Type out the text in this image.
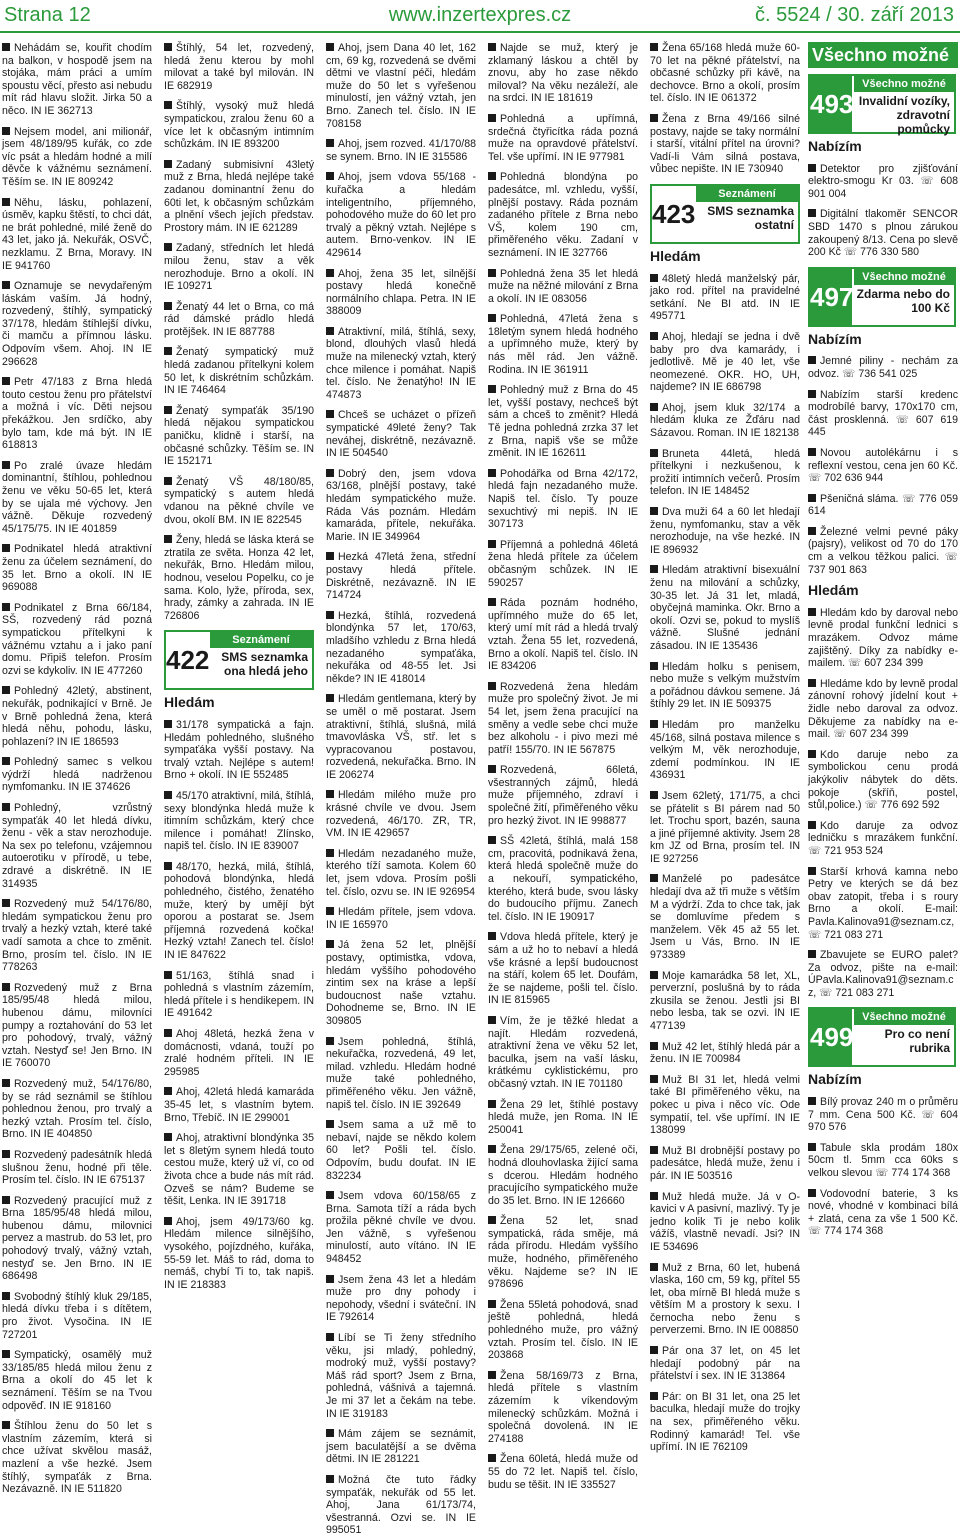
Strana 12	www.inzertexpres.cz	č. 5524 / 30. září 2013

Nehádám se, kouřit chodím na balkon, v hospodě jsem na stojáka, mám práci a umím spoustu věcí, přesto asi nebudu mít rád hlavu složit. Jirka 50 a něco. IN IE 362713

Nejsem model, ani milionář, jsem 48/189/95 kuřák, co zde víc psát a hledám hodné a milí děvče k vážnému seznámení. Těším se. IN IE 809242

Něhu, lásku, pohlazení, úsměv, kapku štěstí, to chci dát, ne brát pohledné, milé ženě do 43 let, jako já. Nekuřák, OSVČ, nezklamu. Z Brna, Moravy. IN IE 941760

Oznamuje se nevydařeným láskám vaším. Já hodný, rozvedený, štíhlý, sympatický 37/178, hledám štíhlejší dívku, či mamču a přímnou lásku. Odpovím všem. Ahoj. IN IE 296628

Petr 47/183 z Brna hledá touto cestou ženu pro přátelství a možná i víc. Děti nejsou překážkou. Jen srdíčko, aby bylo tam, kde má být. IN IE 618813

Po zralé úvaze hledám dominantní, štíhlou, pohlednou ženu ve věku 50-65 let, která by se ujala mé výchovy. Jen vážně. Děkuje rozvedený 45/175/75. IN IE 401859

Podnikatel hledá atraktivní ženu za účelem seznámení, do 35 let. Brno a okolí. IN IE 969088

Podnikatel z Brna 66/184, SŠ, rozvedený rád pozná sympatickou přítelkyni k vážnému vztahu a i jako paní domu. Připiš telefon. Prosím ozvi se kdykoliv. IN IE 477260

Pohledný 42letý, abstinent, nekuřák, podnikající v Brně. Je v Brně pohledná žena, která hledá něhu, pohodu, lásku, pohlazení? IN IE 186593

Pohledný samec s velkou výdrží hledá nadrženou nymfomanku. IN IE 374626

Pohledný, vzrůstný sympaťák 40 let hledá dívku, ženu - věk a stav nerozhoduje. Na sex po telefonu, vzájemnou autoerotiku v přírodě, u tebe, zdravé a diskrétně. IN IE 314935

Rozvedený muž 54/176/80, hledám sympatickou ženu pro trvalý a hezký vztah, které také vadí samota a chce to změnit. Brno, prosím tel. číslo. IN IE 778263

Rozvedený muž z Brna 185/95/48 hledá milou, hubenou dámu, milovníci pumpy a roztahování do 53 let pro pohodový, trvalý, vážný vztah. Nestyď se! Jen Brno. IN IE 760070

Rozvedený muž, 54/176/80, by se rád seznámil se štíhlou pohlednou ženou, pro trvalý a hezký vztah. Prosím tel. číslo, Brno. IN IE 404850

Rozvedený padesátník hledá slušnou ženu, hodné při těle. Prosím tel. číslo. IN IE 675137

Rozvedený pracující muž z Brna 185/95/48 hledá milou, hubenou dámu, milovnici pervez a mastrub. do 53 let, pro pohodový trvalý, vážný vztah, nestyď se. Jen Brno. IN IE 686498

Svobodný štíhlý kluk 29/185, hledá dívku třeba i s dítětem, pro život. Vysočina. IN IE 727201

Sympatický, osamělý muž 33/185/85 hledá milou ženu z Brna a okolí do 45 let k seznámení. Těším se na Tvou odpověď. IN IE 918160

Štíhlou ženu do 50 let s vlastním zázemím, která si chce užívat skvělou masáž, mazlení a vše hezké. Jsem štíhlý, sympaťák z Brna. Nezávazně. IN IE 511820

Štíhlý, 54 let, rozvedený, hledá ženu kterou by mohl milovat a také byl milován. IN IE 682919

Štíhlý, vysoký muž hledá sympatickou, zralou ženu 60 a více let k občasným intimním schůzkám. IN IE 893200

Zadaný submisivní 43letý muž z Brna, hledá nejlépe také zadanou dominantní ženu do 60ti let, k občasným schůzkám a plnění všech jejích představ. Prostory mám. IN IE 621289

Zadaný, středních let hledá milou ženu, stav a věk nerozhoduje. Brno a okolí. IN IE 109271

Ženatý 44 let o Brna, co má rád dámské prádlo hledá protějšek. IN IE 887788

Ženatý sympatický muž hledá zadanou přítelkyni kolem 50 let, k diskrétním schůzkám. IN IE 746464

Ženatý sympaťák 35/190 hledá nějakou sympatickou paničku, klidně i starší, na občasné schůzky. Těším se. IN IE 152171

Ženatý VŠ 48/180/85, sympatický s autem hledá vdanou na pěkné chvíle ve dvou, okolí BM. IN IE 822545

Ženy, hledá se láska která se ztratila ze světa. Honza 42 let, nekuřák, Brno. Hledám milou, hodnou, veselou Popelku, co je sama. Kolo, lyže, příroda, sex, hrady, zámky a zahrada. IN IE 726806

422
Seznámení
SMS seznamka ona hledá jeho
Hledám

31/178 sympatická a fajn. Hledám pohledného, slušného sympaťáka vyšší postavy. Na trvalý vztah. Nejlépe s autem! Brno + okolí. IN IE 552485

45/170 atraktivní, milá, štíhlá, sexy blondýnka hledá muže k itimním schůzkám, který chce milence i pomáhat! Zlínsko, napiš tel. číslo. IN IE 839007

48/170, hezká, milá, štíhlá, pohodová blondýnka, hledá pohledného, čistého, ženatého muže, který by umějí být oporou a postarat se. Jsem příjemná rozvedená kočka! Hezký vztah! Zanech tel. číslo! IN IE 847622

51/163, štíhlá snad i pohledná s vlastním zázemím, hledá přítele i s hendikepem. IN IE 491642

Ahoj 48letá, hezká žena v domácnosti, vdaná, touží po zralé hodném příteli. IN IE 295985

Ahoj, 42letá hledá kamaráda 35-45 let, s vlastním bytem. Brno, Třebíč. IN IE 299001

Ahoj, atraktivní blondýnka 35 let s 8letým synem hledá touto cestou muže, který už ví, co od života chce a bude nás mít rád. Ozveš se nám? Budeme se těšit, Lenka. IN IE 391718

Ahoj, jsem 49/173/60 kg. Hledám milence silnějšího, vysokého, pojízdného, kuřáka, 55-59 let. Máš to rád, doma to nemáš, chybí Ti to, tak napiš. IN IE 218383

Ahoj, jsem Dana 40 let, 162 cm, 69 kg, rozvedená se dvěmi dětmi ve vlastní péči, hledám muže do 50 let s vyřešenou minulostí, jen vážný vztah, jen Brno. Zanech tel. číslo. IN IE 708158

Ahoj, jsem rozved. 41/170/88 se synem. Brno. IN IE 315586

Ahoj, jsem vdova 55/168 - kuřačka a hledám inteligentního, příjemného, pohodového muže do 60 let pro trvalý a pěkný vztah. Nejlépe s autem. Brno-venkov. IN IE 429614

Ahoj, žena 35 let, silnější postavy hledá konečně normálního chlapa. Petra. IN IE 388009

Atraktivní, milá, štíhlá, sexy, blond, dlouhých vlasů hledá muže na milenecký vztah, který chce milence i pomáhat. Napiš tel. číslo. Ne ženatýho! IN IE 474873

Chceš se ucházet o přízeň sympatické 49leté ženy? Tak neváhej, diskrétně, nezávazně. IN IE 504540

Dobrý den, jsem vdova 63/168, plnější postavy, také hledám sympatického muže. Ráda Vás poznám. Hledám kamaráda, přítele, nekuřáka. Marie. IN IE 349964

Hezká 47letá žena, střední postavy hledá přítele. Diskrétně, nezávazně. IN IE 714724

Hezká, štíhlá, rozvedená blondýnka 57 let, 170/63, mladšího vzhledu z Brna hledá nezadaného sympaťáka, nekuřáka od 48-55 let. Jsi někde? IN IE 418014

Hledám gentlemana, který by se uměl o mě postarat. Jsem atraktivní, štíhlá, slušná, milá tmavovláska VŠ, stř. let s vypracovanou postavou, rozvedená, nekuřačka. Brno. IN IE 206274

Hledám milého muže pro krásné chvíle ve dvou. Jsem rozvedená, 46/170. ZR, TR, VM. IN IE 429657

Hledám nezadaného muže, kterého tíží samota. Kolem 60 let, jsem vdova. Prosím pošli tel. číslo, ozvu se. IN IE 926954

Hledám přítele, jsem vdova. IN IE 165970

Já žena 52 let, plnější postavy, optimistka, vdova, hledám vyššího pohodového zintim sex na kráse a lepší budoucnost naše vztahu. Dohodneme se, Brno. IN IE 309805

Jsem pohledná, štíhlá, nekuřačka, rozvedená, 49 let, milad. vzhledu. Hledám hodné muže také pohledného, přiměřeného věku. Jen vážně, napiš tel. číslo. IN IE 392649

Jsem sama a už mě to nebaví, najde se někdo kolem 60 let? Pošli tel. číslo. Odpovím, budu doufat. IN IE 832234

Jsem vdova 60/158/65 z Brna. Samota tíží a ráda bych prožila pěkné chvíle ve dvou. Jen vážně, s vyřešenou minulostí, auto vítáno. IN IE 948452

Jsem žena 43 let a hledám muže pro dny pohody i nepohody, všední i sváteční. IN IE 792614

Líbí se Ti ženy středního věku, jsi mladý, pohledný, modroký muž, vyšší postavy? Máš rád sport? Jsem z Brna, pohledná, vášnivá a tajemná. Je mi 37 let a čekám na tebe. IN IE 319183

Mám zájem se seznámit, jsem baculatější a se dvěma dětmi. IN IE 281221

Možná čte tuto řádky sympaťák, nekuřák od 55 let. Ahoj, Jana 61/173/74, všestranná. Ozvi se. IN IE 995051

Najde se muž, který je zklamaný láskou a chtěl by znovu, aby ho zase někdo miloval? Na věku nezáleží, ale na srdci. IN IE 181619

Pohledná a upřímná, srdečná čtyřicítka ráda pozná muže na opravdové přátelství. Tel. vše upřímí. IN IE 977981

Pohledná blondýna po padesátce, ml. vzhledu, vyšší, plnější postavy. Ráda poznám zadaného přítele z Brna nebo VŠ, kolem 190 cm, přiměřeného věku. Zadaní v seznámení. IN IE 327766

Pohledná žena 35 let hledá muže na něžné milování z Brna a okolí. IN IE 083056

Pohledná, 47letá žena s 18letým synem hledá hodného a upřímného muže, který by nás měl rád. Jen vážně. Rodina. IN IE 361911

Pohledný muž z Brna do 45 let, vyšší postavy, nechceš být sám a chceš to změnit? Hledá Tě jedna pohledná zrzka 37 let z Brna, napiš vše se může změnit. IN IE 162611

Pohodářka od Brna 42/172, hledá fajn nezadaného muže. Napiš tel. číslo. Ty pouze sexuchtivý mi nepiš. IN IE 307173

Příjemná a pohledná 46letá žena hledá přítele za účelem občasným schůzek. IN IE 590257

Ráda poznám hodného, upřímného muže do 65 let, který umí mít rád a hledá trvalý vztah. Žena 55 let, rozvedená, Brno a okolí. Napiš tel. číslo. IN IE 834206

Rozvedená žena hledám muže pro společný život. Je mi 54 let, jsem žena pracující na směny a vedle sebe chci muže bez alkoholu - i pivo mezi mé patří! 155/70. IN IE 567875

Rozvedená, 66letá, všestranných zájmů, hledá muže příjemného, zdraví i společné žití, přiměřeného věku pro hezký život. IN IE 998877

SŠ 42letá, štíhlá, malá 158 cm, pracovitá, podnikavá žena, která hledá společně muže do a nekouří, sympatického, kterého, která bude, svou lásky do budoucího příjmu. Zanech tel. číslo. IN IE 190917

Vdova hledá přítele, který je sám a už ho to nebaví a hledá vše krásné a lepší budoucnost na stáří, kolem 65 let. Doufám, že se najdeme, pošli tel. číslo. IN IE 815965

Vím, že je těžké hledat a najít. Hledám rozvedená, atraktivní žena ve věku 52 let, baculka, jsem na vaší lásku, krátkému cyklistickému, pro občasný vztah. IN IE 701180

Žena 29 let, štíhlé postavy hledá muže, jen Roma. IN IE 250041

Žena 29/175/65, zelené oči, hodná dlouhovlaska žijící sama s dcerou. Hledám hodného pracujícího sympatického muže do 35 let. Brno. IN IE 126660

Žena 52 let, snad sympatická, ráda směje, má ráda přírodu. Hledám vyššího muže, hodného, přiměřeného věku. Najdeme se? IN IE 978696

Žena 55letá pohodová, snad ještě pohledná, hledá pohledného muže, pro vážný vztah. Prosím tel. číslo. IN IE 203868

Žena 58/169/73 z Brna, hledá přítele s vlastním zázemím k víkendovým milenecký schůzkám. Možná i společná dovolená. IN IE 274188

Žena 60letá, hledá muže od 55 do 72 let. Napiš tel. číslo, budu se těšit. IN IE 335527

Žena 65/168 hledá muže 60-70 let na pěkné přátelství, na občasné schůzky při kávě, na dechovce. Brno a okolí, prosím tel. číslo. IN IE 061372

Žena z Brna 49/166 silné postavy, najde se taky normální i starší, vitální přítel na úrovni? Vadí-li Vám silná postava, vůbec nepište. IN IE 730940

423
Seznámení
SMS seznamka ostatní
Hledám

48letý hledá manželský pár, jako rod. přítel na pravidelné setkání. Ne BI atd. IN IE 495771

Ahoj, hledají se jedna i dvě baby pro dva kamarády, i jedlotlivě. Mě je 40 let, vše neomezené. OKR. HO, UH, najdeme? IN IE 686798

Ahoj, jsem kluk 32/174 a hledám kluka ze Žďáru nad Sázavou. Roman. IN IE 182138

Bruneta 44letá, hledá přítelkyni i nezkušenou, k prožití intimních večerů. Prosím telefon. IN IE 148452

Dva muži 64 a 60 let hledají ženu, nymfomanku, stav a věk nerozhoduje, na vše hezké. IN IE 896932

Hledám atraktivní bisexuální ženu na milování a schůzky, 30-35 let. Já 31 let, mladá, obyčejná maminka. Okr. Brno a okolí. Ozvi se, pokud to myslíš vážně. Slušné jednání zásadou. IN IE 135436

Hledám holku s penisem, nebo muže s velkým mužstvím a pořádnou dávkou semene. Já štíhly 29 let. IN IE 509375

Hledám pro manželku 45/168, silná postava milence s velkým M, věk nerozhoduje, zdemí podmínkou. IN IE 436931

Jsem 62letý, 171/75, a chci se přátelit s BI párem nad 50 let. Trochu sport, bazén, sauna a jiné příjemné aktivity. Jsem 28 km JZ od Brna, prosím tel. IN IE 927256

Manželé po padesátce hledají dva až tři muže s větším M a výdrží. Zda to chce tak, jak se domluvíme předem s manželem. Věk 45 až 55 let. Jsem u Vás, Brno. IN IE 973389

Moje kamarádka 58 let, XL, perverzní, poslušná by to ráda zkusila se ženou. Jestli jsi BI nebo lesba, tak se ozvi. IN IE 477139

Muž 42 let, štíhlý hledá pár a ženu. IN IE 700984

Muž BI 31 let, hledá velmi také BI přiměřeného věku, na pokec u piva i něco víc. Ode sympatií, tel. vše upřímí. IN IE 138099

Muž BI drobnější postavy po padesátce, hledá muže, ženu i pár. IN IE 503516

Muž hledá muže. Já v O-kavici v A pasivní, mazlivý. Ty je jedno kolik Ti je nebo kolik vážíš, vlastně nevadí. Jsi? IN IE 534696

Muž z Brna, 60 let, hubená vlaska, 160 cm, 59 kg, přítel 55 let, oba mírně BI hledá muže s větším M a prostory k sexu. I černocha nebo ženu s perverzemi. Brno. IN IE 008850

Pár ona 37 let, on 45 let hledají podobný pár na přátelství i sex. IN IE 313864

Pár: on BI 31 let, ona 25 let baculka, hledají muže do trojky na sex, přiměřeného věku. Rodinný kamarád! Tel. vše upřímí. IN IE 762109

Všechno možné
493
Všechno možné
Invalidní vozíky, zdravotní pomůcky
Nabízím

Detektor pro zjišťování elektro-smogu Kr 03. ☏ 608 901 004

Digitální tlakoměr SENCOR SBD 1470 s plnou zárukou zakoupený 8/13. Cena po slevě 200 Kč ☏ 776 330 580

497
Všechno možné
Zdarma nebo do 100 Kč
Nabízím

Jemné piliny - nechám za odvoz. ☏ 736 541 025

Nabízím starší kredenc modrobílé barvy, 170x170 cm, část prosklenná. ☏ 607 619 445

Novou autolékárnu i s reflexní vestou, cena jen 60 Kč. ☏ 702 636 944

Pšeničná sláma. ☏ 776 059 614

Železné velmi pevné páky (pajsry), velikost od 70 do 170 cm a velkou těžkou palici. ☏ 737 901 863

Hledám

Hledám kdo by daroval nebo levně prodal funkční lednici s mrazákem. Odvoz máme zajištěný. Díky za nabídky e-mailem. ☏ 607 234 399

Hledáme kdo by levně prodal zánovní rohový jídelní kout + židle nebo daroval za odvoz. Děkujeme za nabídky na e-mail. ☏ 607 234 399

Kdo daruje nebo za symbolickou cenu prodá jakýkoliv nábytek do děts. pokoje (skříň, postel, stůl,police.) ☏ 776 692 592

Kdo daruje za odvoz ledničku s mrazákem funkční. ☏ 721 953 524

Starší krhová kamna nebo Petry ve kterých se dá bez obav zatopit, třeba i s roury Brno a okolí. E-mail: Pavla.Kalinova91@seznam.cz, ☏ 721 083 271

Zbavujete se EURO palet? Za odvoz, pište na e-mail: ÚPavla.Kalinova91@seznam.c z, ☏ 721 083 271

499
Všechno možné
Pro co není rubrika
Nabízím

Bílý provaz 240 m o průměru 7 mm. Cena 500 Kč. ☏ 604 970 576

Tabule skla prodám 180x 50cm tl. 5mm cca 60ks s velkou slevou ☏ 774 174 368

Vodovodní baterie, 3 ks nové, vhodné v kombinaci bílá + zlatá, cena za vše 1 500 Kč. ☏ 774 174 368
